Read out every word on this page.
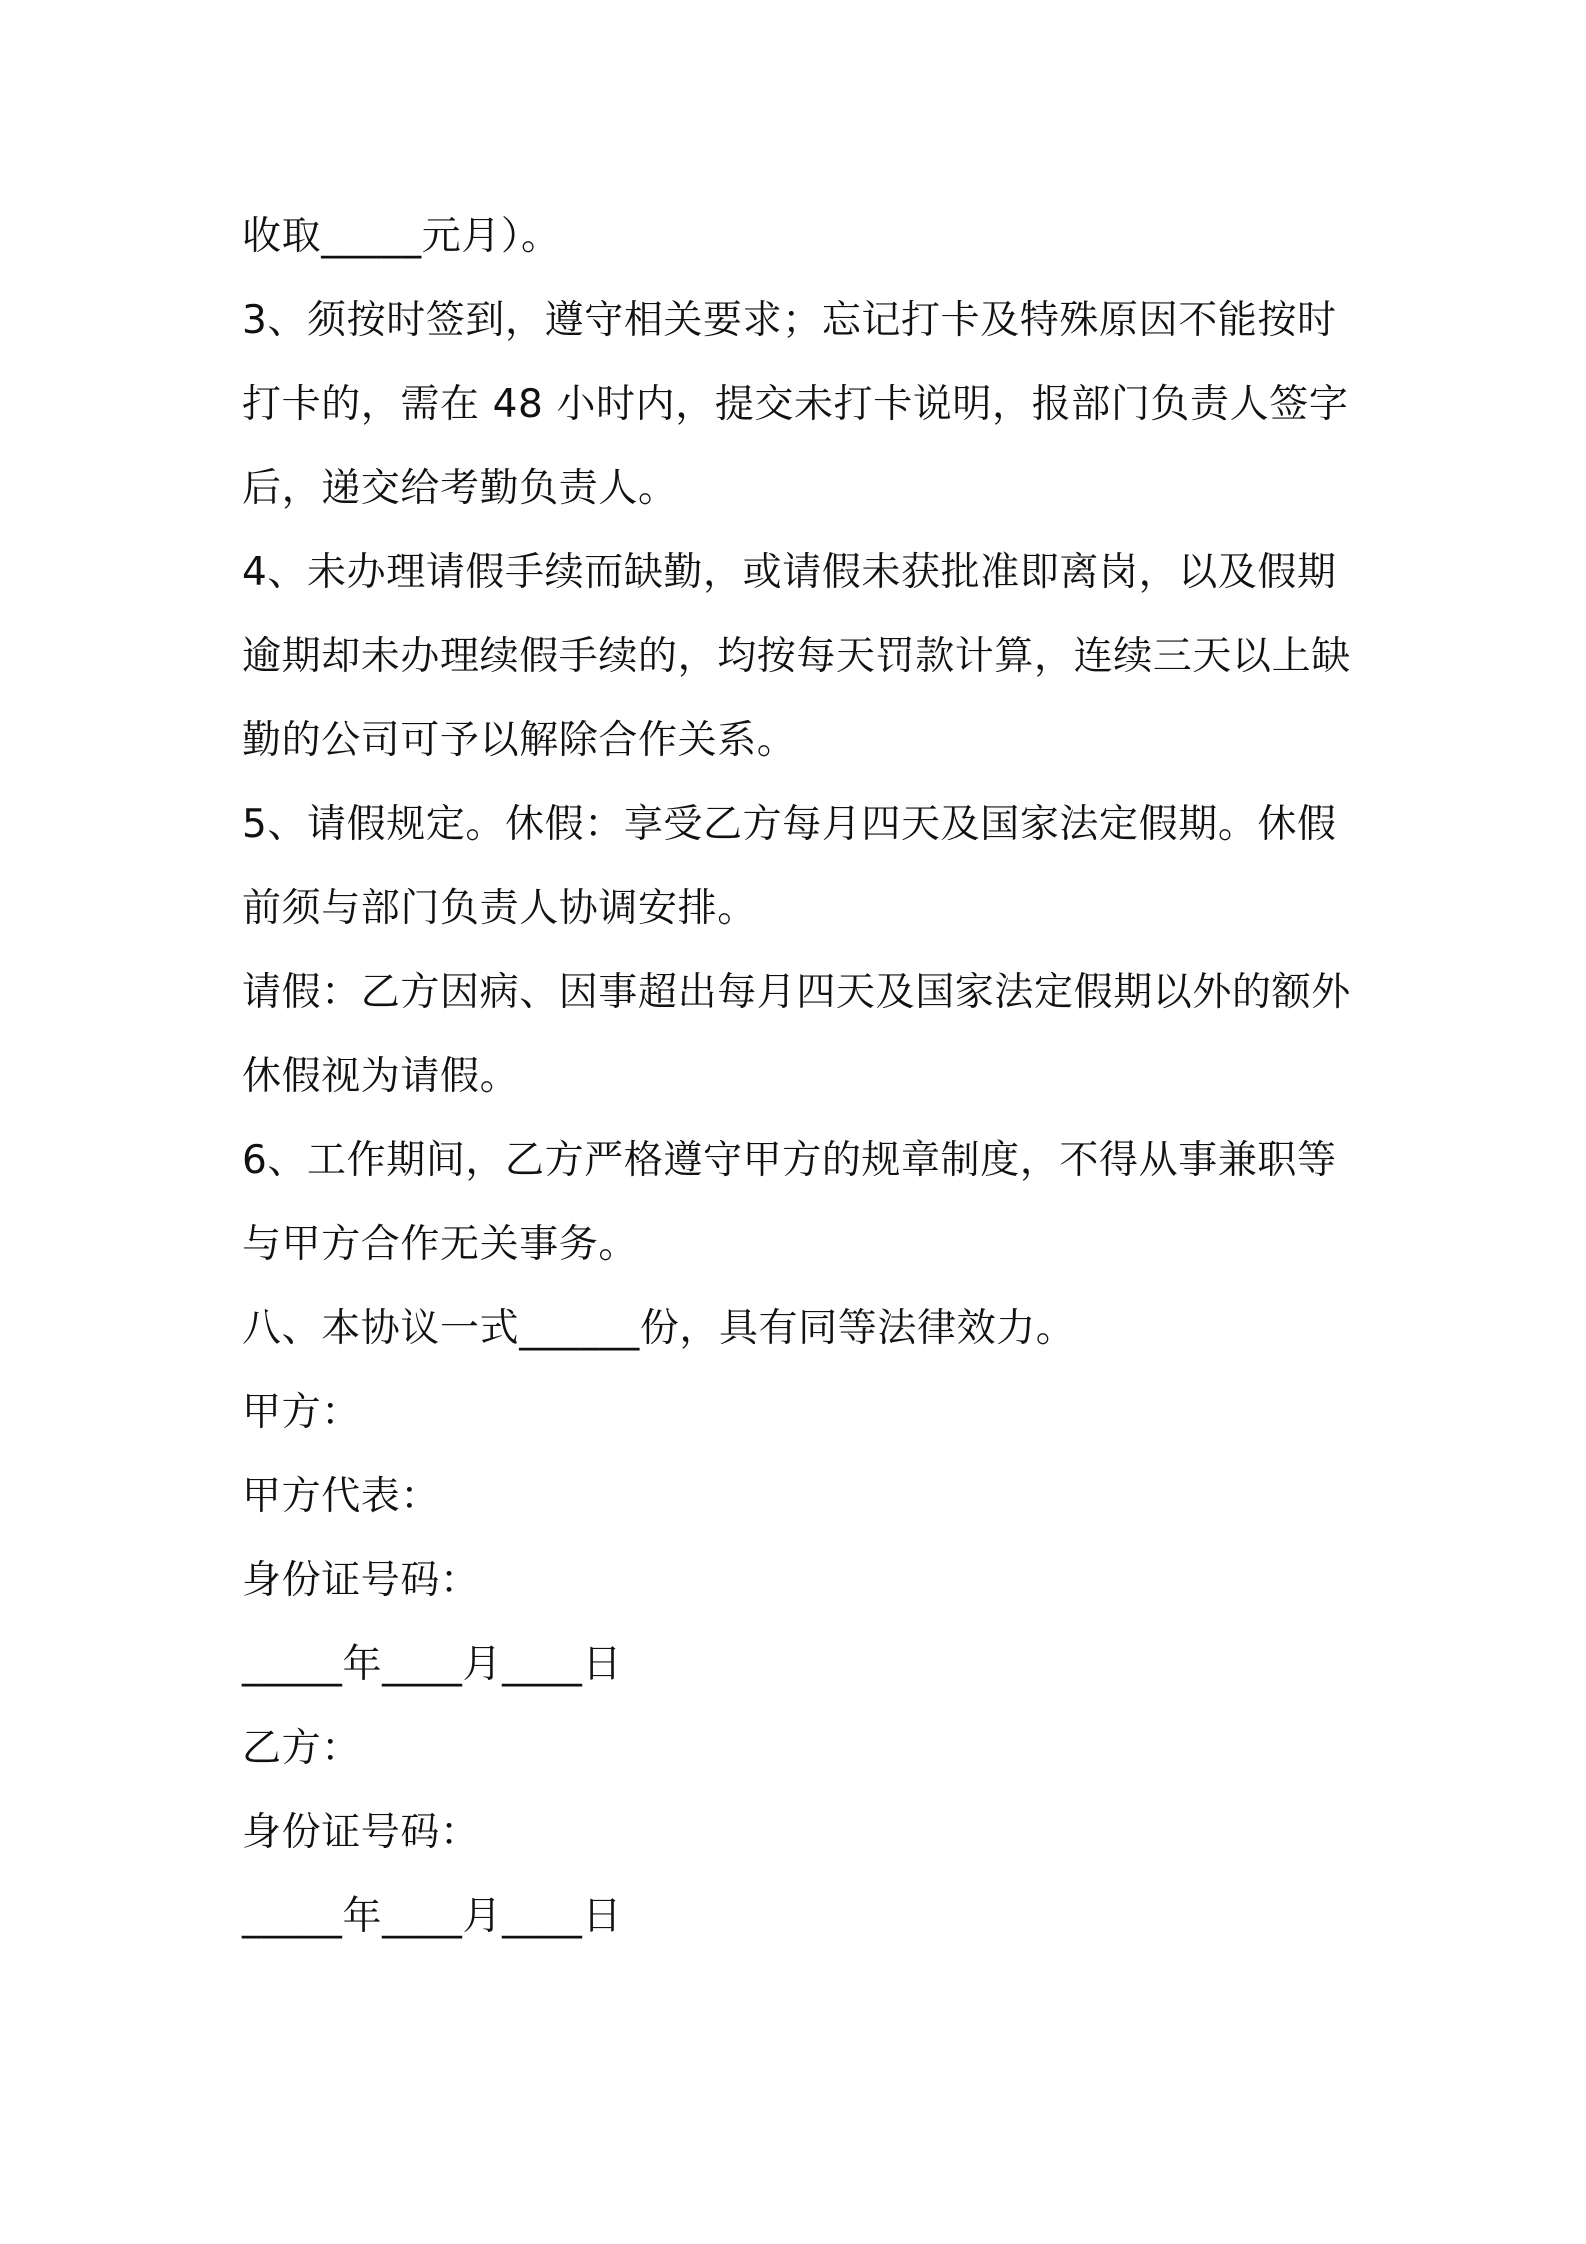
收取_____元月）。

3、须按时签到，遵守相关要求；忘记打卡及特殊原因不能按时

打卡的，需在 48 小时内，提交未打卡说明，报部门负责人签字

后，递交给考勤负责人。

4、未办理请假手续而缺勤，或请假未获批准即离岗，以及假期

逾期却未办理续假手续的，均按每天罚款计算，连续三天以上缺

勤的公司可予以解除合作关系。

5、请假规定。休假：享受乙方每月四天及国家法定假期。休假

前须与部门负责人协调安排。

请假：乙方因病、因事超出每月四天及国家法定假期以外的额外

休假视为请假。

6、工作期间，乙方严格遵守甲方的规章制度，不得从事兼职等

与甲方合作无关事务。

八、本协议一式______份，具有同等法律效力。

甲方：

甲方代表：

身份证号码：

_____年____月____日

乙方：

身份证号码：

_____年____月____日
